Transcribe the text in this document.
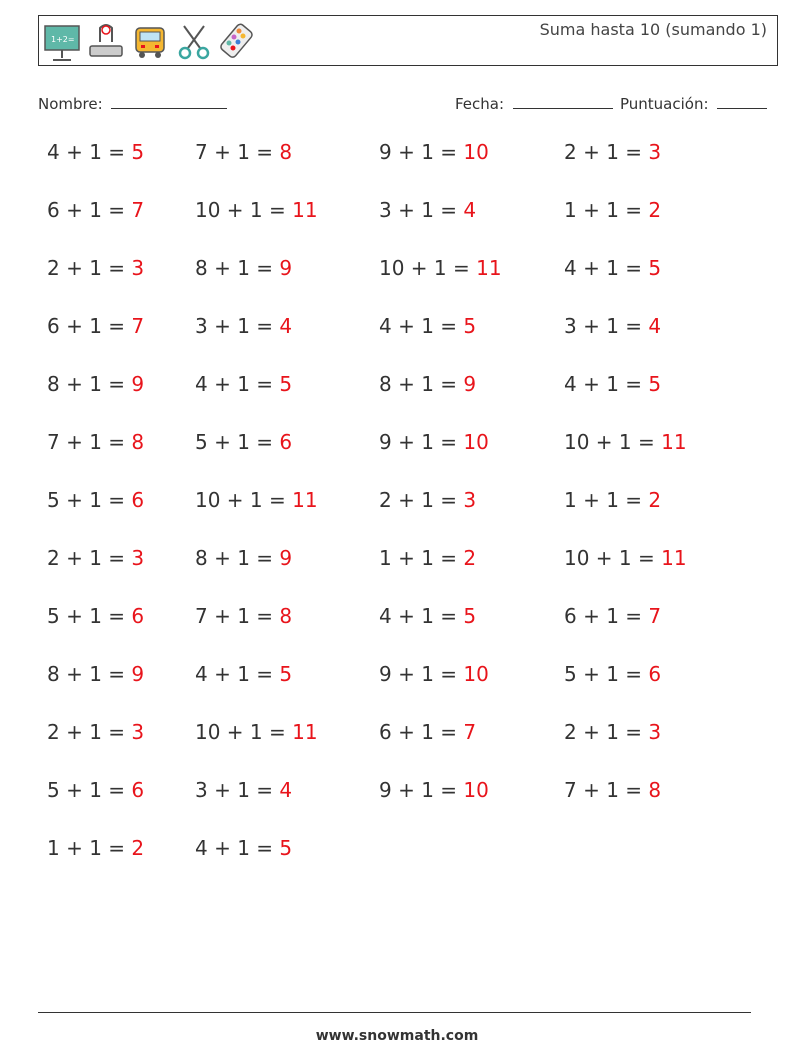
1+2=
Suma hasta 10 (sumando 1)
Nombre:	Fecha:	Puntuación:
4 + 1 = 5	7 + 1 = 8	9 + 1 = 10	2 + 1 = 3
6 + 1 = 7	10 + 1 = 11	3 + 1 = 4	1 + 1 = 2
2 + 1 = 3	8 + 1 = 9	10 + 1 = 11	4 + 1 = 5
6 + 1 = 7	3 + 1 = 4	4 + 1 = 5	3 + 1 = 4
8 + 1 = 9	4 + 1 = 5	8 + 1 = 9	4 + 1 = 5
7 + 1 = 8	5 + 1 = 6	9 + 1 = 10	10 + 1 = 11
5 + 1 = 6	10 + 1 = 11	2 + 1 = 3	1 + 1 = 2
2 + 1 = 3	8 + 1 = 9	1 + 1 = 2	10 + 1 = 11
5 + 1 = 6	7 + 1 = 8	4 + 1 = 5	6 + 1 = 7
8 + 1 = 9	4 + 1 = 5	9 + 1 = 10	5 + 1 = 6
2 + 1 = 3	10 + 1 = 11	6 + 1 = 7	2 + 1 = 3
5 + 1 = 6	3 + 1 = 4	9 + 1 = 10	7 + 1 = 8
1 + 1 = 2	4 + 1 = 5
www.snowmath.com
